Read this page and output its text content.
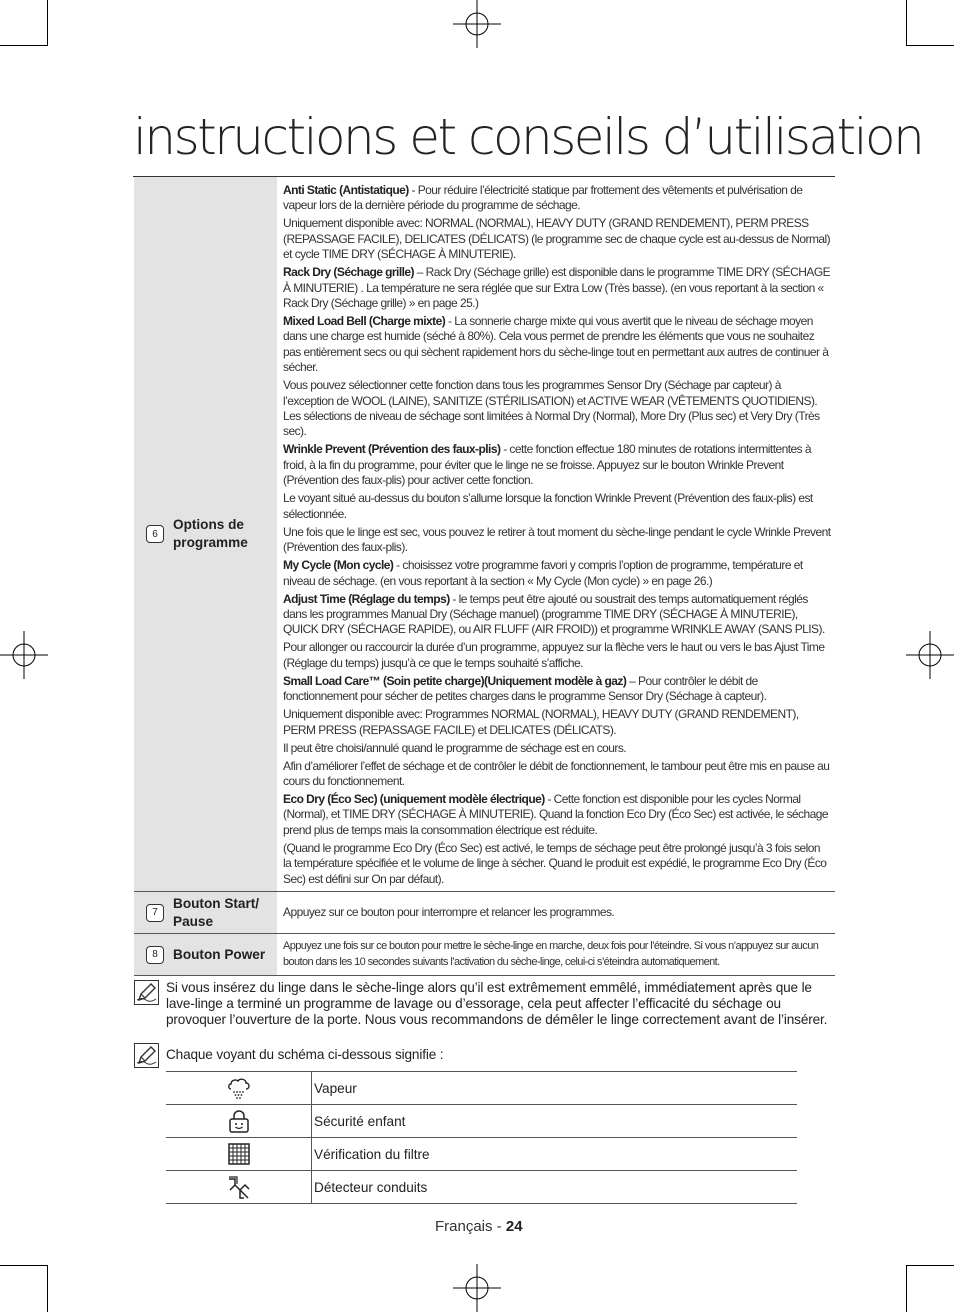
instructions et conseils d’utilisation
6
Options de programme
Anti Static (Antistatique) - Pour réduire l’électricité statique par frottement des vêtements et pulvérisation de vapeur lors de la dernière période du programme de séchage.
Uniquement disponible avec: NORMAL (NORMAL), HEAVY DUTY (GRAND RENDEMENT), PERM PRESS (REPASSAGE FACILE), DELICATES (DÉLICATS) (le programme sec de chaque cycle est au-dessus de Normal) et cycle TIME DRY (SÉCHAGE À MINUTERIE).
Rack Dry (Séchage grille) – Rack Dry (Séchage grille) est disponible dans le programme TIME DRY (SÉCHAGE À MINUTERIE) . La température ne sera réglée que sur Extra Low (Très basse). (en vous reportant à la section « Rack Dry (Séchage grille) » en page 25.)
Mixed Load Bell (Charge mixte) - La sonnerie charge mixte qui vous avertit que le niveau de séchage moyen dans une charge est humide (séché à 80%). Cela vous permet de prendre les éléments que vous ne souhaitez pas entièrement secs ou qui sèchent rapidement hors du sèche-linge tout en permettant aux autres de continuer à sécher.
Vous pouvez sélectionner cette fonction dans tous les programmes Sensor Dry (Séchage par capteur) à l’exception de WOOL (LAINE), SANITIZE (STÉRILISATION) et ACTIVE WEAR (VÊTEMENTS QUOTIDIENS). Les sélections de niveau de séchage sont limitées à Normal Dry (Normal), More Dry (Plus sec) et Very Dry (Très sec).
Wrinkle Prevent (Prévention des faux-plis) - cette fonction effectue 180 minutes de rotations intermittentes à froid, à la fin du programme, pour éviter que le linge ne se froisse. Appuyez sur le bouton Wrinkle Prevent (Prévention des faux-plis) pour activer cette fonction.
Le voyant situé au-dessus du bouton s’allume lorsque la fonction Wrinkle Prevent (Prévention des faux-plis) est sélectionnée.
Une fois que le linge est sec, vous pouvez le retirer à tout moment du sèche-linge pendant le cycle Wrinkle Prevent (Prévention des faux-plis).
My Cycle (Mon cycle) - choisissez votre programme favori y compris l’option de programme, température et niveau de séchage. (en vous reportant à la section « My Cycle (Mon cycle) » en page 26.)
Adjust Time (Réglage du temps) - le temps peut être ajouté ou soustrait des temps automatiquement réglés dans les programmes Manual Dry (Séchage manuel) (programme TIME DRY (SÉCHAGE À MINUTERIE), QUICK DRY (SÉCHAGE RAPIDE), ou AIR FLUFF (AIR FROID)) et programme WRINKLE AWAY (SANS PLIS).
Pour allonger ou raccourcir la durée d’un programme, appuyez sur la flèche vers le haut ou vers le bas Ajust Time (Réglage du temps) jusqu’à ce que le temps souhaité s’affiche.
Small Load Care™ (Soin petite charge)(Uniquement modèle à gaz) – Pour contrôler le débit de fonctionnement pour sécher de petites charges dans le programme Sensor Dry (Séchage à capteur).
Uniquement disponible avec: Programmes NORMAL (NORMAL), HEAVY DUTY (GRAND RENDEMENT), PERM PRESS (REPASSAGE FACILE) et DELICATES (DÉLICATS).
Il peut être choisi/annulé quand le programme de séchage est en cours.
Afin d’améliorer l’effet de séchage et de contrôler le débit de fonctionnement, le tambour peut être mis en pause au cours du fonctionnement.
Eco Dry (Éco Sec) (uniquement modèle électrique) - Cette fonction est disponible pour les cycles Normal (Normal), et TIME DRY (SÉCHAGE À MINUTERIE). Quand la fonction Eco Dry (Éco Sec) est activée, le séchage prend plus de temps mais la consommation électrique est réduite.
(Quand le programme Eco Dry (Éco Sec) est activé, le temps de séchage peut être prolongé jusqu’à 3 fois selon la température spécifiée et le volume de linge à sécher. Quand le produit est expédié, le programme Eco Dry (Éco Sec) est défini sur On par défaut).
7
Bouton Start/ Pause
Appuyez sur ce bouton pour interrompre et relancer les programmes.
8	Bouton Power
Appuyez une fois sur ce bouton pour mettre le sèche-linge en marche, deux fois pour l’éteindre. Si vous n’appuyez sur aucun bouton dans les 10 secondes suivants l’activation du sèche-linge, celui-ci s’éteindra automatiquement.
Si vous insérez du linge dans le sèche-linge alors qu’il est extrêmement emmêlé, immédiatement après que le lave-linge a terminé un programme de lavage ou d’essorage, cela peut affecter l’efficacité du séchage ou provoquer l’ouverture de la porte. Nous vous recommandons de démêler le linge correctement avant de l’insérer.
Chaque voyant du schéma ci-dessous signifie :
Vapeur
Sécurité enfant
Vérification du filtre
Détecteur conduits
Français - 24
